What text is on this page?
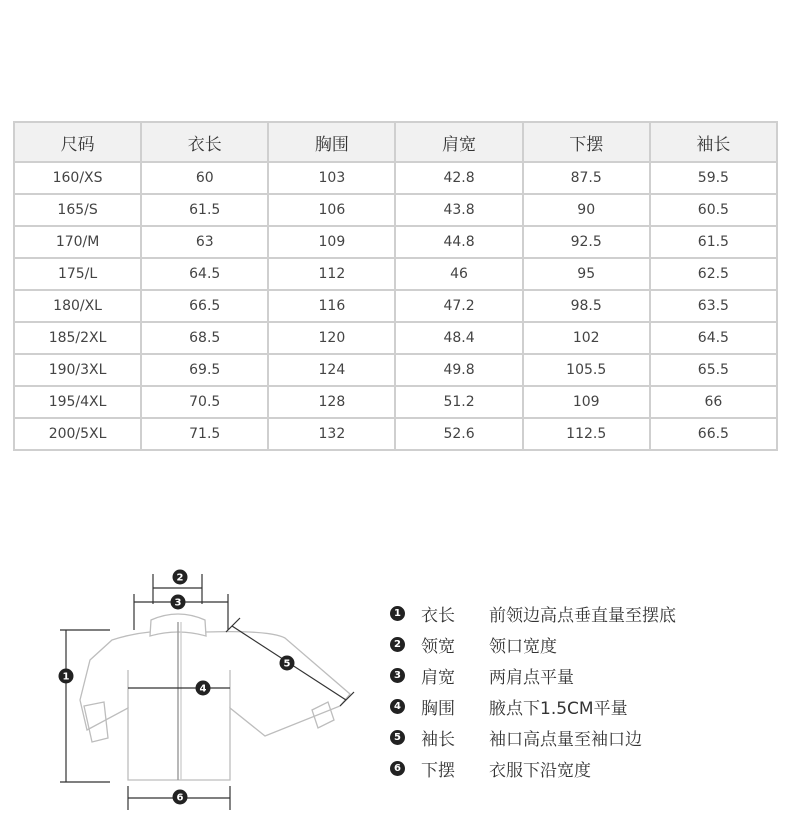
尺码	衣长	胸围	肩宽	下摆	袖长
160/XS	60	103	42.8	87.5	59.5
165/S	61.5	106	43.8	90	60.5
170/M	63	109	44.8	92.5	61.5
175/L	64.5	112	46	95	62.5
180/XL	66.5	116	47.2	98.5	63.5
185/2XL	68.5	120	48.4	102	64.5
190/3XL	69.5	124	49.8	105.5	65.5
195/4XL	70.5	128	51.2	109	66
200/5XL	71.5	132	52.6	112.5	66.5
1
2
3
4
5
6
1 衣长	前领边高点垂直量至摆底
2 领宽	领口宽度
3 肩宽	两肩点平量
4 胸围	腋点下1.5CM平量
5 袖长	袖口高点量至袖口边
6 下摆	衣服下沿宽度
